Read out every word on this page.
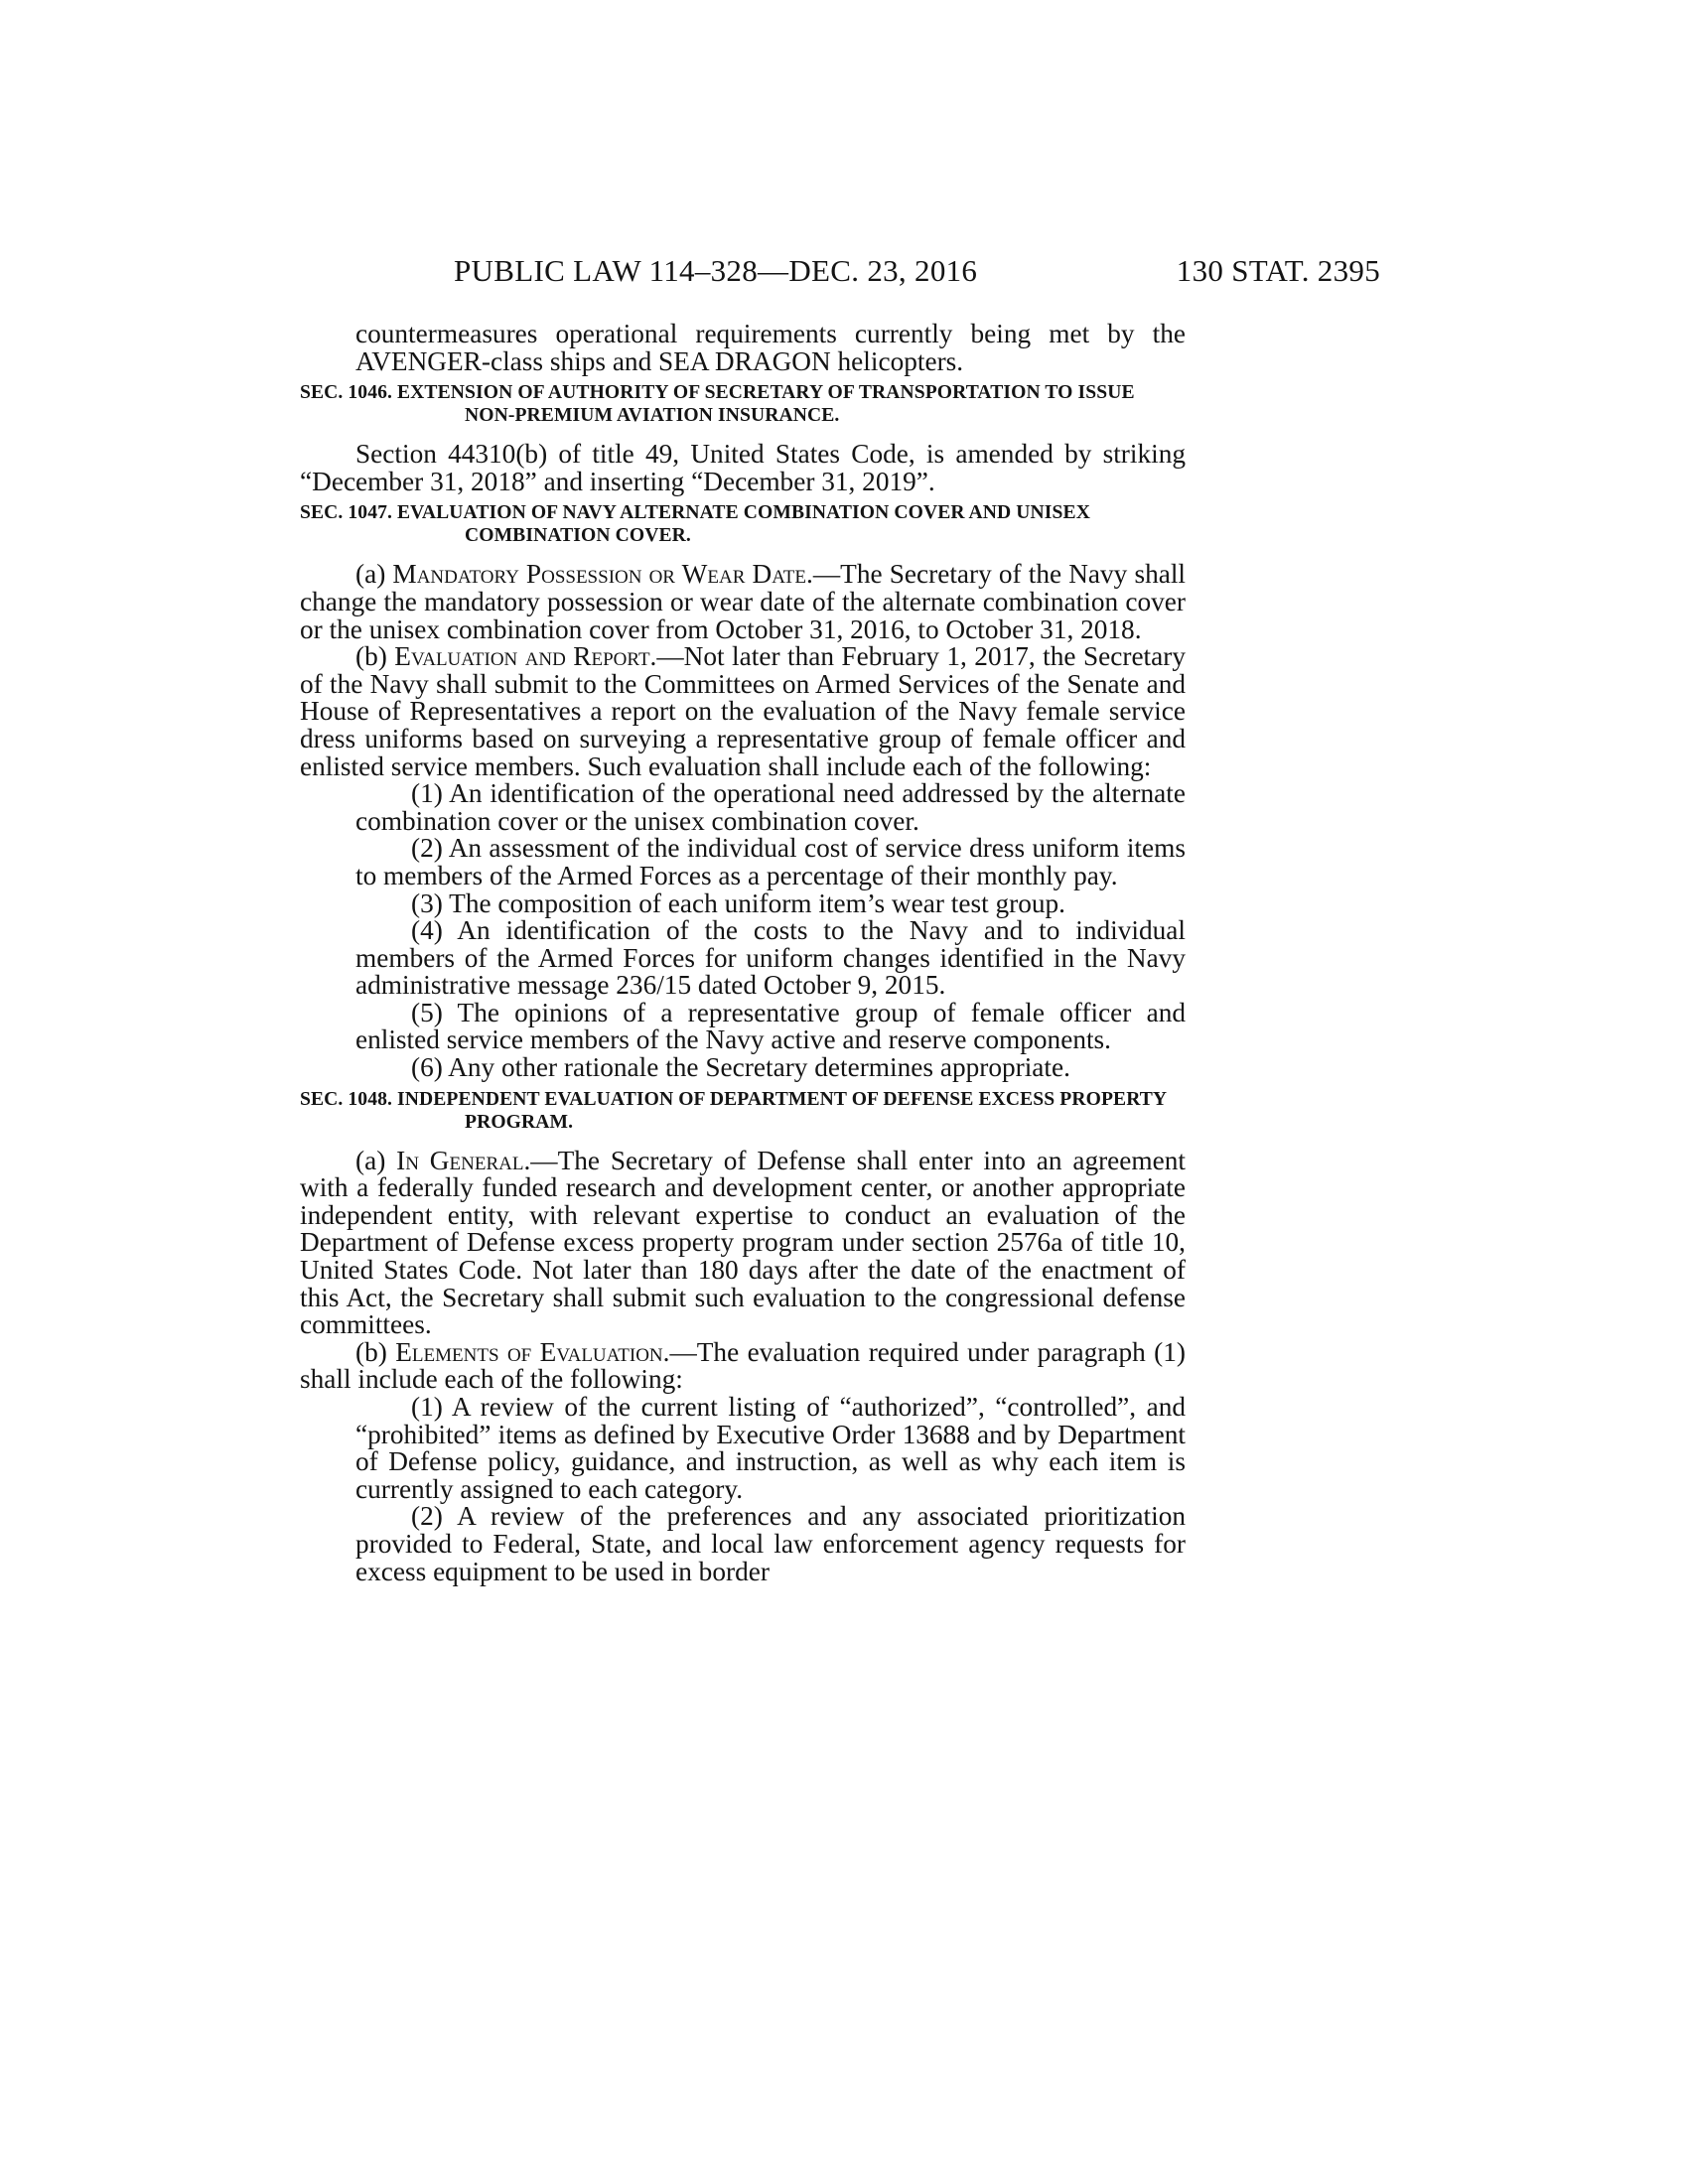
PUBLIC LAW 114–328—DEC. 23, 2016	130 STAT. 2395

countermeasures operational requirements currently being met by the AVENGER-class ships and SEA DRAGON helicopters.

SEC. 1046. EXTENSION OF AUTHORITY OF SECRETARY OF TRANSPORTATION TO ISSUE NON-PREMIUM AVIATION INSURANCE.

Section 44310(b) of title 49, United States Code, is amended by striking “December 31, 2018” and inserting “December 31, 2019”.

SEC. 1047. EVALUATION OF NAVY ALTERNATE COMBINATION COVER AND UNISEX COMBINATION COVER.

(a) Mandatory Possession or Wear Date.—The Secretary of the Navy shall change the mandatory possession or wear date of the alternate combination cover or the unisex combination cover from October 31, 2016, to October 31, 2018.

(b) Evaluation and Report.—Not later than February 1, 2017, the Secretary of the Navy shall submit to the Committees on Armed Services of the Senate and House of Representatives a report on the evaluation of the Navy female service dress uniforms based on surveying a representative group of female officer and enlisted service members. Such evaluation shall include each of the following:

(1) An identification of the operational need addressed by the alternate combination cover or the unisex combination cover.

(2) An assessment of the individual cost of service dress uniform items to members of the Armed Forces as a percentage of their monthly pay.

(3) The composition of each uniform item’s wear test group.

(4) An identification of the costs to the Navy and to individual members of the Armed Forces for uniform changes identified in the Navy administrative message 236/15 dated October 9, 2015.

(5) The opinions of a representative group of female officer and enlisted service members of the Navy active and reserve components.

(6) Any other rationale the Secretary determines appropriate.

SEC. 1048. INDEPENDENT EVALUATION OF DEPARTMENT OF DEFENSE EXCESS PROPERTY PROGRAM.

(a) In General.—The Secretary of Defense shall enter into an agreement with a federally funded research and development center, or another appropriate independent entity, with relevant expertise to conduct an evaluation of the Department of Defense excess property program under section 2576a of title 10, United States Code. Not later than 180 days after the date of the enactment of this Act, the Secretary shall submit such evaluation to the congressional defense committees.

(b) Elements of Evaluation.—The evaluation required under paragraph (1) shall include each of the following:

(1) A review of the current listing of “authorized”, “controlled”, and “prohibited” items as defined by Executive Order 13688 and by Department of Defense policy, guidance, and instruction, as well as why each item is currently assigned to each category.

(2) A review of the preferences and any associated prioritization provided to Federal, State, and local law enforcement agency requests for excess equipment to be used in border
